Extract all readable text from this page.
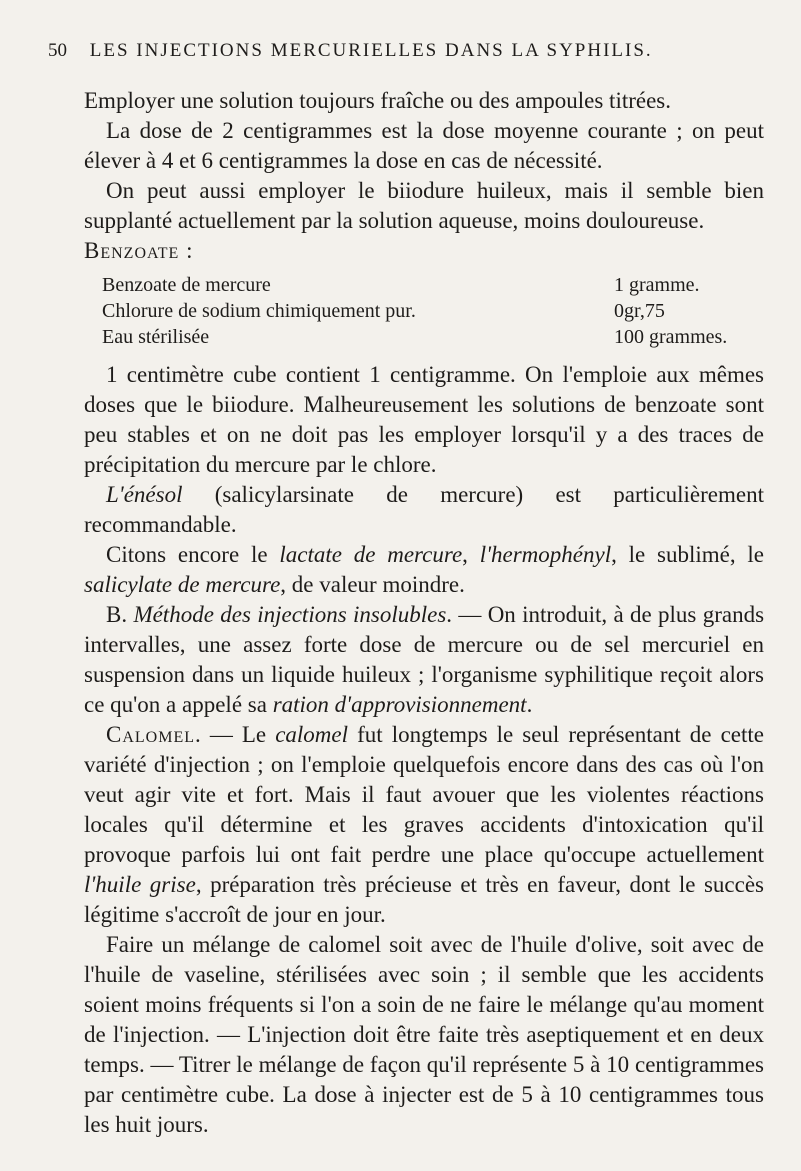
50 LES INJECTIONS MERCURIELLES DANS LA SYPHILIS.

Employer une solution toujours fraîche ou des ampoules titrées.

La dose de 2 centigrammes est la dose moyenne courante ; on peut élever à 4 et 6 centigrammes la dose en cas de nécessité.

On peut aussi employer le biiodure huileux, mais il semble bien supplanté actuellement par la solution aqueuse, moins douloureuse.

Benzoate :

Benzoate de mercure	1 gramme.
Chlorure de sodium chimiquement pur.	0gr,75
Eau stérilisée	100 grammes.

1 centimètre cube contient 1 centigramme. On l'emploie aux mêmes doses que le biiodure. Malheureusement les solutions de benzoate sont peu stables et on ne doit pas les employer lorsqu'il y a des traces de précipitation du mercure par le chlore.

L'énésol (salicylarsinate de mercure) est particulièrement recommandable.

Citons encore le lactate de mercure, l'hermophényl, le sublimé, le salicylate de mercure, de valeur moindre.

B. Méthode des injections insolubles. — On introduit, à de plus grands intervalles, une assez forte dose de mercure ou de sel mercuriel en suspension dans un liquide huileux ; l'organisme syphilitique reçoit alors ce qu'on a appelé sa ration d'approvisionnement.

Calomel. — Le calomel fut longtemps le seul représentant de cette variété d'injection ; on l'emploie quelquefois encore dans des cas où l'on veut agir vite et fort. Mais il faut avouer que les violentes réactions locales qu'il détermine et les graves accidents d'intoxication qu'il provoque parfois lui ont fait perdre une place qu'occupe actuellement l'huile grise, préparation très précieuse et très en faveur, dont le succès légitime s'accroît de jour en jour.

Faire un mélange de calomel soit avec de l'huile d'olive, soit avec de l'huile de vaseline, stérilisées avec soin ; il semble que les accidents soient moins fréquents si l'on a soin de ne faire le mélange qu'au moment de l'injection. — L'injection doit être faite très aseptiquement et en deux temps. — Titrer le mélange de façon qu'il représente 5 à 10 centigrammes par centimètre cube. La dose à injecter est de 5 à 10 centigrammes tous les huit jours.
